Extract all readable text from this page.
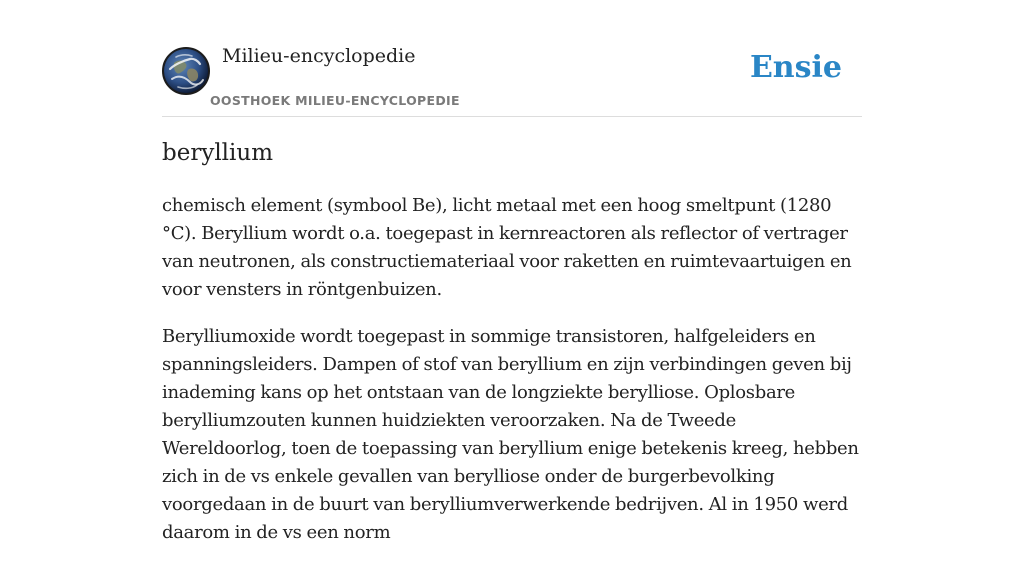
Milieu-encyclopedie
OOSTHOEK MILIEU-ENCYCLOPEDIE
Ensie
beryllium

chemisch element (symbool Be), licht metaal met een hoog smeltpunt (1280 °C). Beryllium wordt o.a. toegepast in kernreactoren als reflector of vertrager van neutronen, als constructiemateriaal voor raketten en ruimtevaartuigen en voor vensters in röntgenbuizen.

Berylliumoxide wordt toegepast in sommige transistoren, halfgeleiders en spanningsleiders. Dampen of stof van beryllium en zijn verbindingen geven bij inademing kans op het ontstaan van de longziekte berylliose. Oplosbare berylliumzouten kunnen huidziekten veroorzaken. Na de Tweede Wereldoorlog, toen de toepassing van beryllium enige betekenis kreeg, hebben zich in de vs enkele gevallen van berylliose onder de burgerbevolking voorgedaan in de buurt van berylliumverwerkende bedrijven. Al in 1950 werd daarom in de vs een norm
